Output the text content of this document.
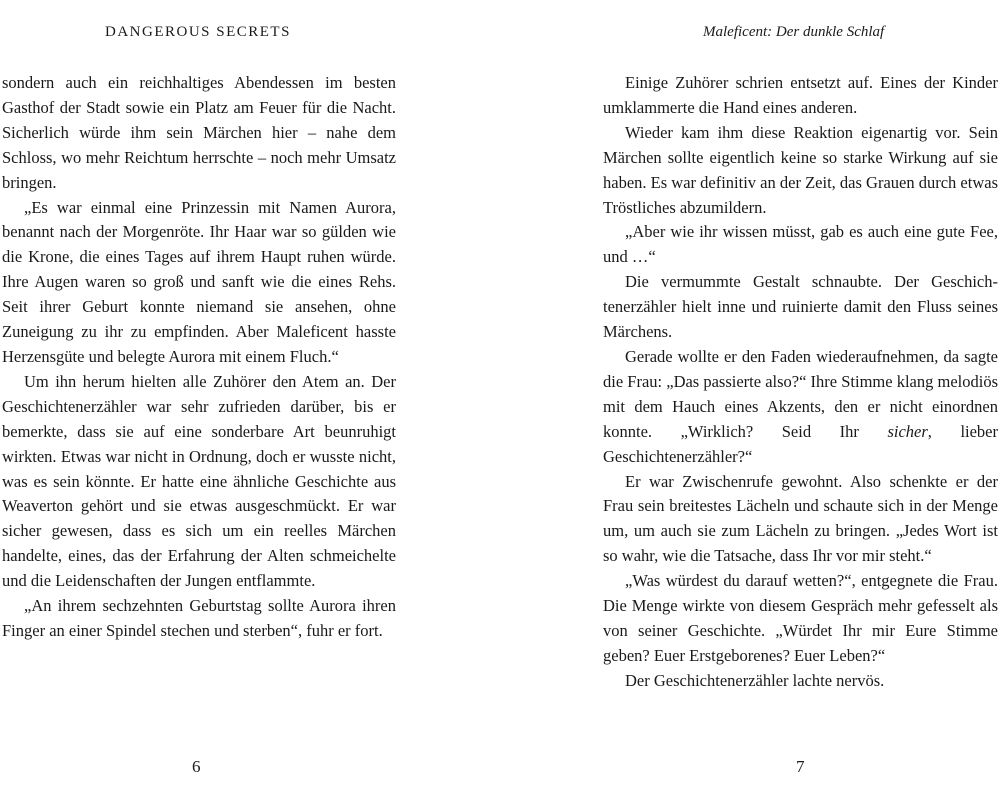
DANGEROUS SECRETS

sondern auch ein reichhaltiges Abendessen im besten Gasthof der Stadt sowie ein Platz am Feuer für die Nacht. Sicherlich würde ihm sein Märchen hier – nahe dem Schloss, wo mehr Reichtum herrschte – noch mehr Umsatz bringen.

„Es war einmal eine Prinzessin mit Namen Aurora, benannt nach der Morgenröte. Ihr Haar war so gülden wie die Krone, die eines Tages auf ihrem Haupt ruhen würde. Ihre Augen waren so groß und sanft wie die eines Rehs. Seit ihrer Geburt konnte niemand sie ansehen, ohne Zuneigung zu ihr zu empfinden. Aber Maleficent hasste Herzensgüte und belegte Aurora mit einem Fluch.“

Um ihn herum hielten alle Zuhörer den Atem an. Der Geschichtenerzähler war sehr zufrieden darüber, bis er bemerkte, dass sie auf eine sonderbare Art beunruhigt wirkten. Etwas war nicht in Ordnung, doch er wusste nicht, was es sein könnte. Er hatte eine ähnliche Geschichte aus Weaverton gehört und sie etwas ausgeschmückt. Er war sicher gewesen, dass es sich um ein reelles Märchen handelte, eines, das der Erfahrung der Alten schmeichelte und die Leidenschaften der Jungen entflammte.

„An ihrem sechzehnten Geburtstag sollte Aurora ihren Finger an einer Spindel stechen und sterben“, fuhr er fort.

6
Maleficent: Der dunkle Schlaf

Einige Zuhörer schrien entsetzt auf. Eines der Kinder umklammerte die Hand eines anderen.

Wieder kam ihm diese Reaktion eigenartig vor. Sein Märchen sollte eigentlich keine so starke Wirkung auf sie haben. Es war definitiv an der Zeit, das Grauen durch etwas Tröstliches abzumildern.

„Aber wie ihr wissen müsst, gab es auch eine gute Fee, und …“

Die vermummte Gestalt schnaubte. Der Geschichtenerzähler hielt inne und ruinierte damit den Fluss seines Märchens.

Gerade wollte er den Faden wiederaufnehmen, da sagte die Frau: „Das passierte also?“ Ihre Stimme klang melodiös mit dem Hauch eines Akzents, den er nicht einordnen konnte. „Wirklich? Seid Ihr sicher, lieber Geschichtenerzähler?“

Er war Zwischenrufe gewohnt. Also schenkte er der Frau sein breitestes Lächeln und schaute sich in der Menge um, um auch sie zum Lächeln zu bringen. „Jedes Wort ist so wahr, wie die Tatsache, dass Ihr vor mir steht.“

„Was würdest du darauf wetten?“, entgegnete die Frau. Die Menge wirkte von diesem Gespräch mehr gefesselt als von seiner Geschichte. „Würdet Ihr mir Eure Stimme geben? Euer Erstgeborenes? Euer Leben?“

Der Geschichtenerzähler lachte nervös.

7
